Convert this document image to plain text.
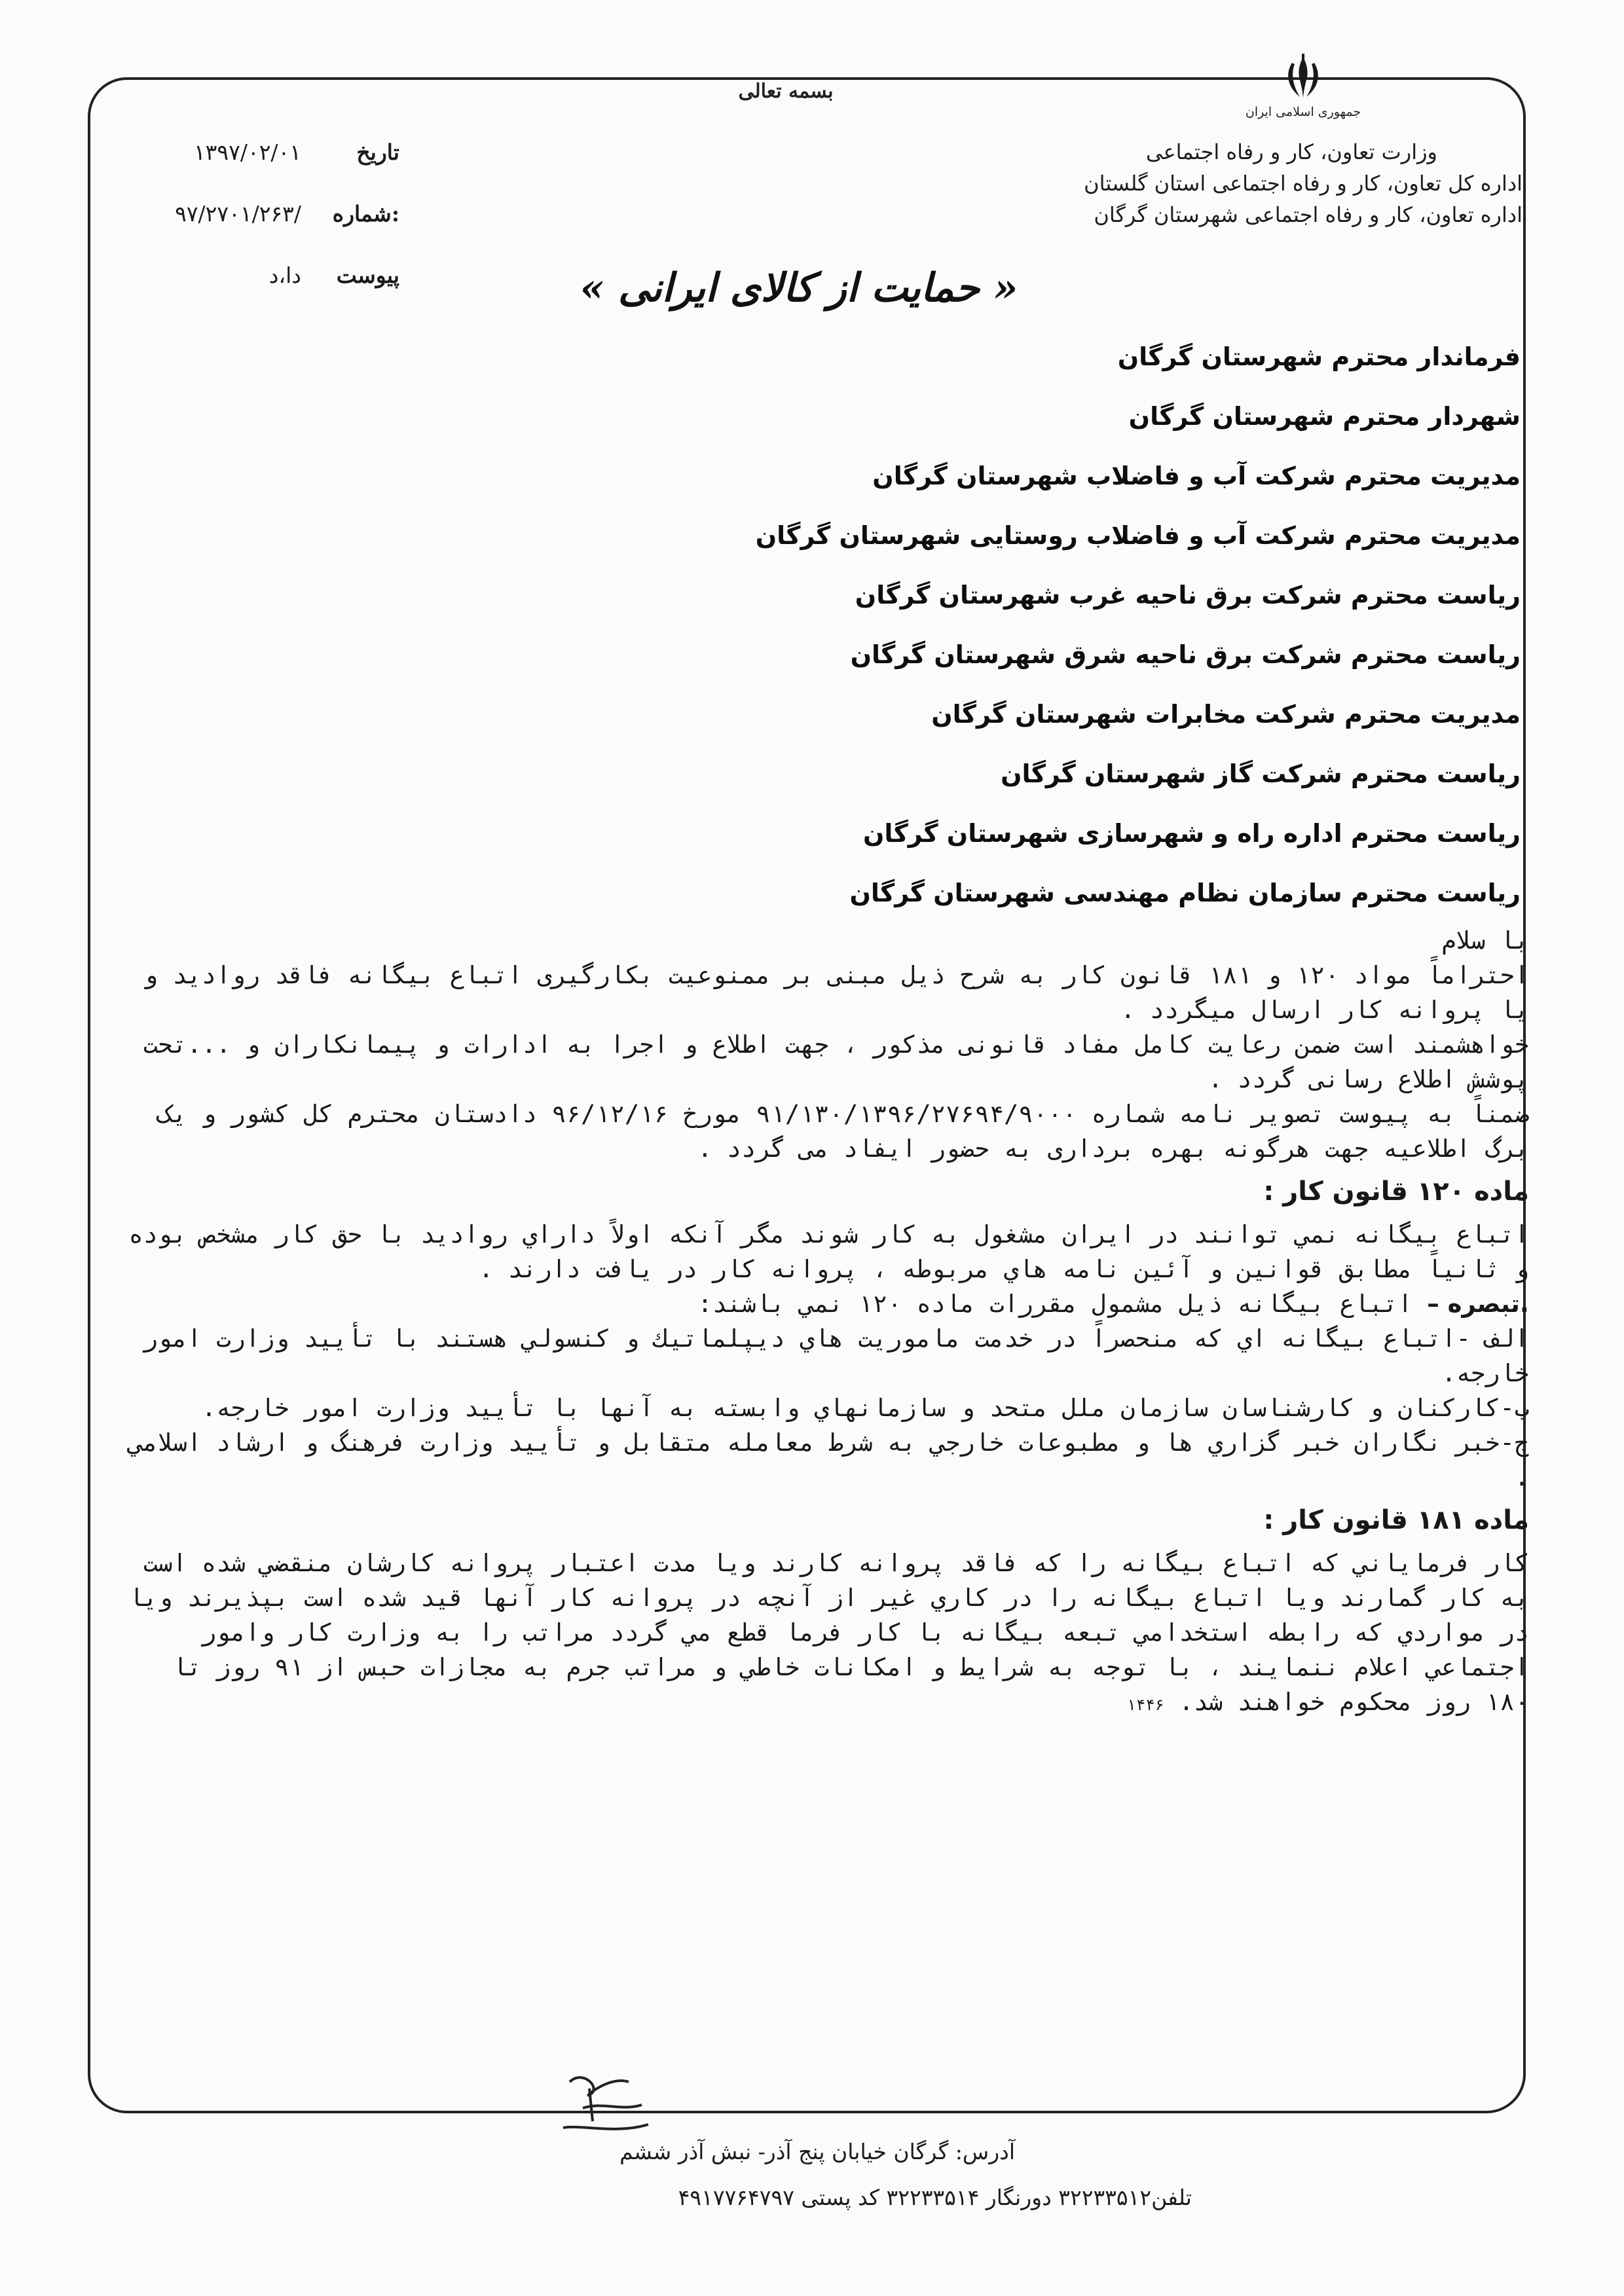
بسمه تعالی
جمهوری اسلامی ایران
وزارت تعاون، کار و رفاه اجتماعی
اداره کل تعاون، کار و رفاه اجتماعی استان گلستان
اداره تعاون، کار و رفاه اجتماعی شهرستان گرگان
تاریخ
۱۳۹۷/۰۲/۰۱
شماره:
۹۷/۲۷۰۱/۲۶۳/
پیوست
دا،د	« حمایت از کالای ایرانی »
فرماندار محترم شهرستان گرگان
شهردار محترم شهرستان گرگان
مدیریت محترم شرکت آب و فاضلاب شهرستان گرگان
مدیریت محترم شرکت آب و فاضلاب روستایی شهرستان گرگان
ریاست محترم شرکت برق ناحیه غرب شهرستان گرگان
ریاست محترم شرکت برق ناحیه شرق شهرستان گرگان
مدیریت محترم شرکت مخابرات شهرستان گرگان
ریاست محترم شرکت گاز شهرستان گرگان
ریاست محترم اداره راه و شهرسازی شهرستان گرگان
ریاست محترم سازمان نظام مهندسی شهرستان گرگان

با سلام

احتراماً مواد ۱۲۰ و ۱۸۱ قانون کار به شرح ذیل مبنی بر ممنوعیت بکارگیری اتباع بیگانه فاقد روادید و یا پروانه کار ارسال میگردد .

خواهشمند است ضمن رعایت کامل مفاد قانونی مذکور ، جهت اطلاع و اجرا به ادارات و پیمانکاران و ...تحت پوشش اطلاع رسانی گردد .

ضمناً به پیوست تصویر نامه شماره ۹۱/۱۳۰/۱۳۹۶/۲۷۶۹۴/۹۰۰۰ مورخ ۹۶/۱۲/۱۶ دادستان محترم کل کشور و یک برگ اطلاعیه جهت هرگونه بهره برداری به حضور ایفاد می گردد .

ماده ۱۲۰ قانون کار :

اتباع بیگانه نمي توانند در ايران مشغول به كار شوند مگر آنكه اولاً داراي روادید با حق كار مشخص بوده و ثانياً مطابق قوانين و آئين نامه هاي مربوطه ، پروانه كار در يافت دارند .

.تبصره – اتباع بيگانه ذيل مشمول مقررات ماده ۱۲۰ نمي باشند:

الف -اتباع بيگانه اي كه منحصراً در خدمت ماموريت هاي ديپلماتيك و كنسولي هستند با تأييد وزارت امور خارجه.

ب-كاركنان و كارشناسان سازمان ملل متحد و سازمانهاي وابسته به آنها با تأييد وزارت امور خارجه.

ج-خبر نگاران خبر گزاري ها و مطبوعات خارجي به شرط معامله متقابل و تأييد وزارت فرهنگ و ارشاد اسلامي .

ماده ۱۸۱ قانون کار :

كار فرماياني كه اتباع بيگانه را كه فاقد پروانه كارند ويا مدت اعتبار پروانه كارشان منقضي شده است به كار گمارند ويا اتباع بيگانه را در كاري غير از آنچه در پروانه كار آنها قيد شده است بپذيرند ويا در مواردي كه رابطه استخدامي تبعه بيگانه با كار فرما قطع مي گردد مراتب را به وزارت كار وامور اجتماعي اعلام ننمايند ، با توجه به شرايط و امكانات خاطي و مراتب جرم به مجازات حبس از ۹۱ روز تا ۱۸۰ روز محكوم خواهند شد. ۱۴۴۶

آدرس: گرگان خیابان پنج آذر- نبش آذر ششم
تلفن۳۲۲۳۳۵۱۲ دورنگار ۳۲۲۳۳۵۱۴ کد پستی ۴۹۱۷۷۶۴۷۹۷
